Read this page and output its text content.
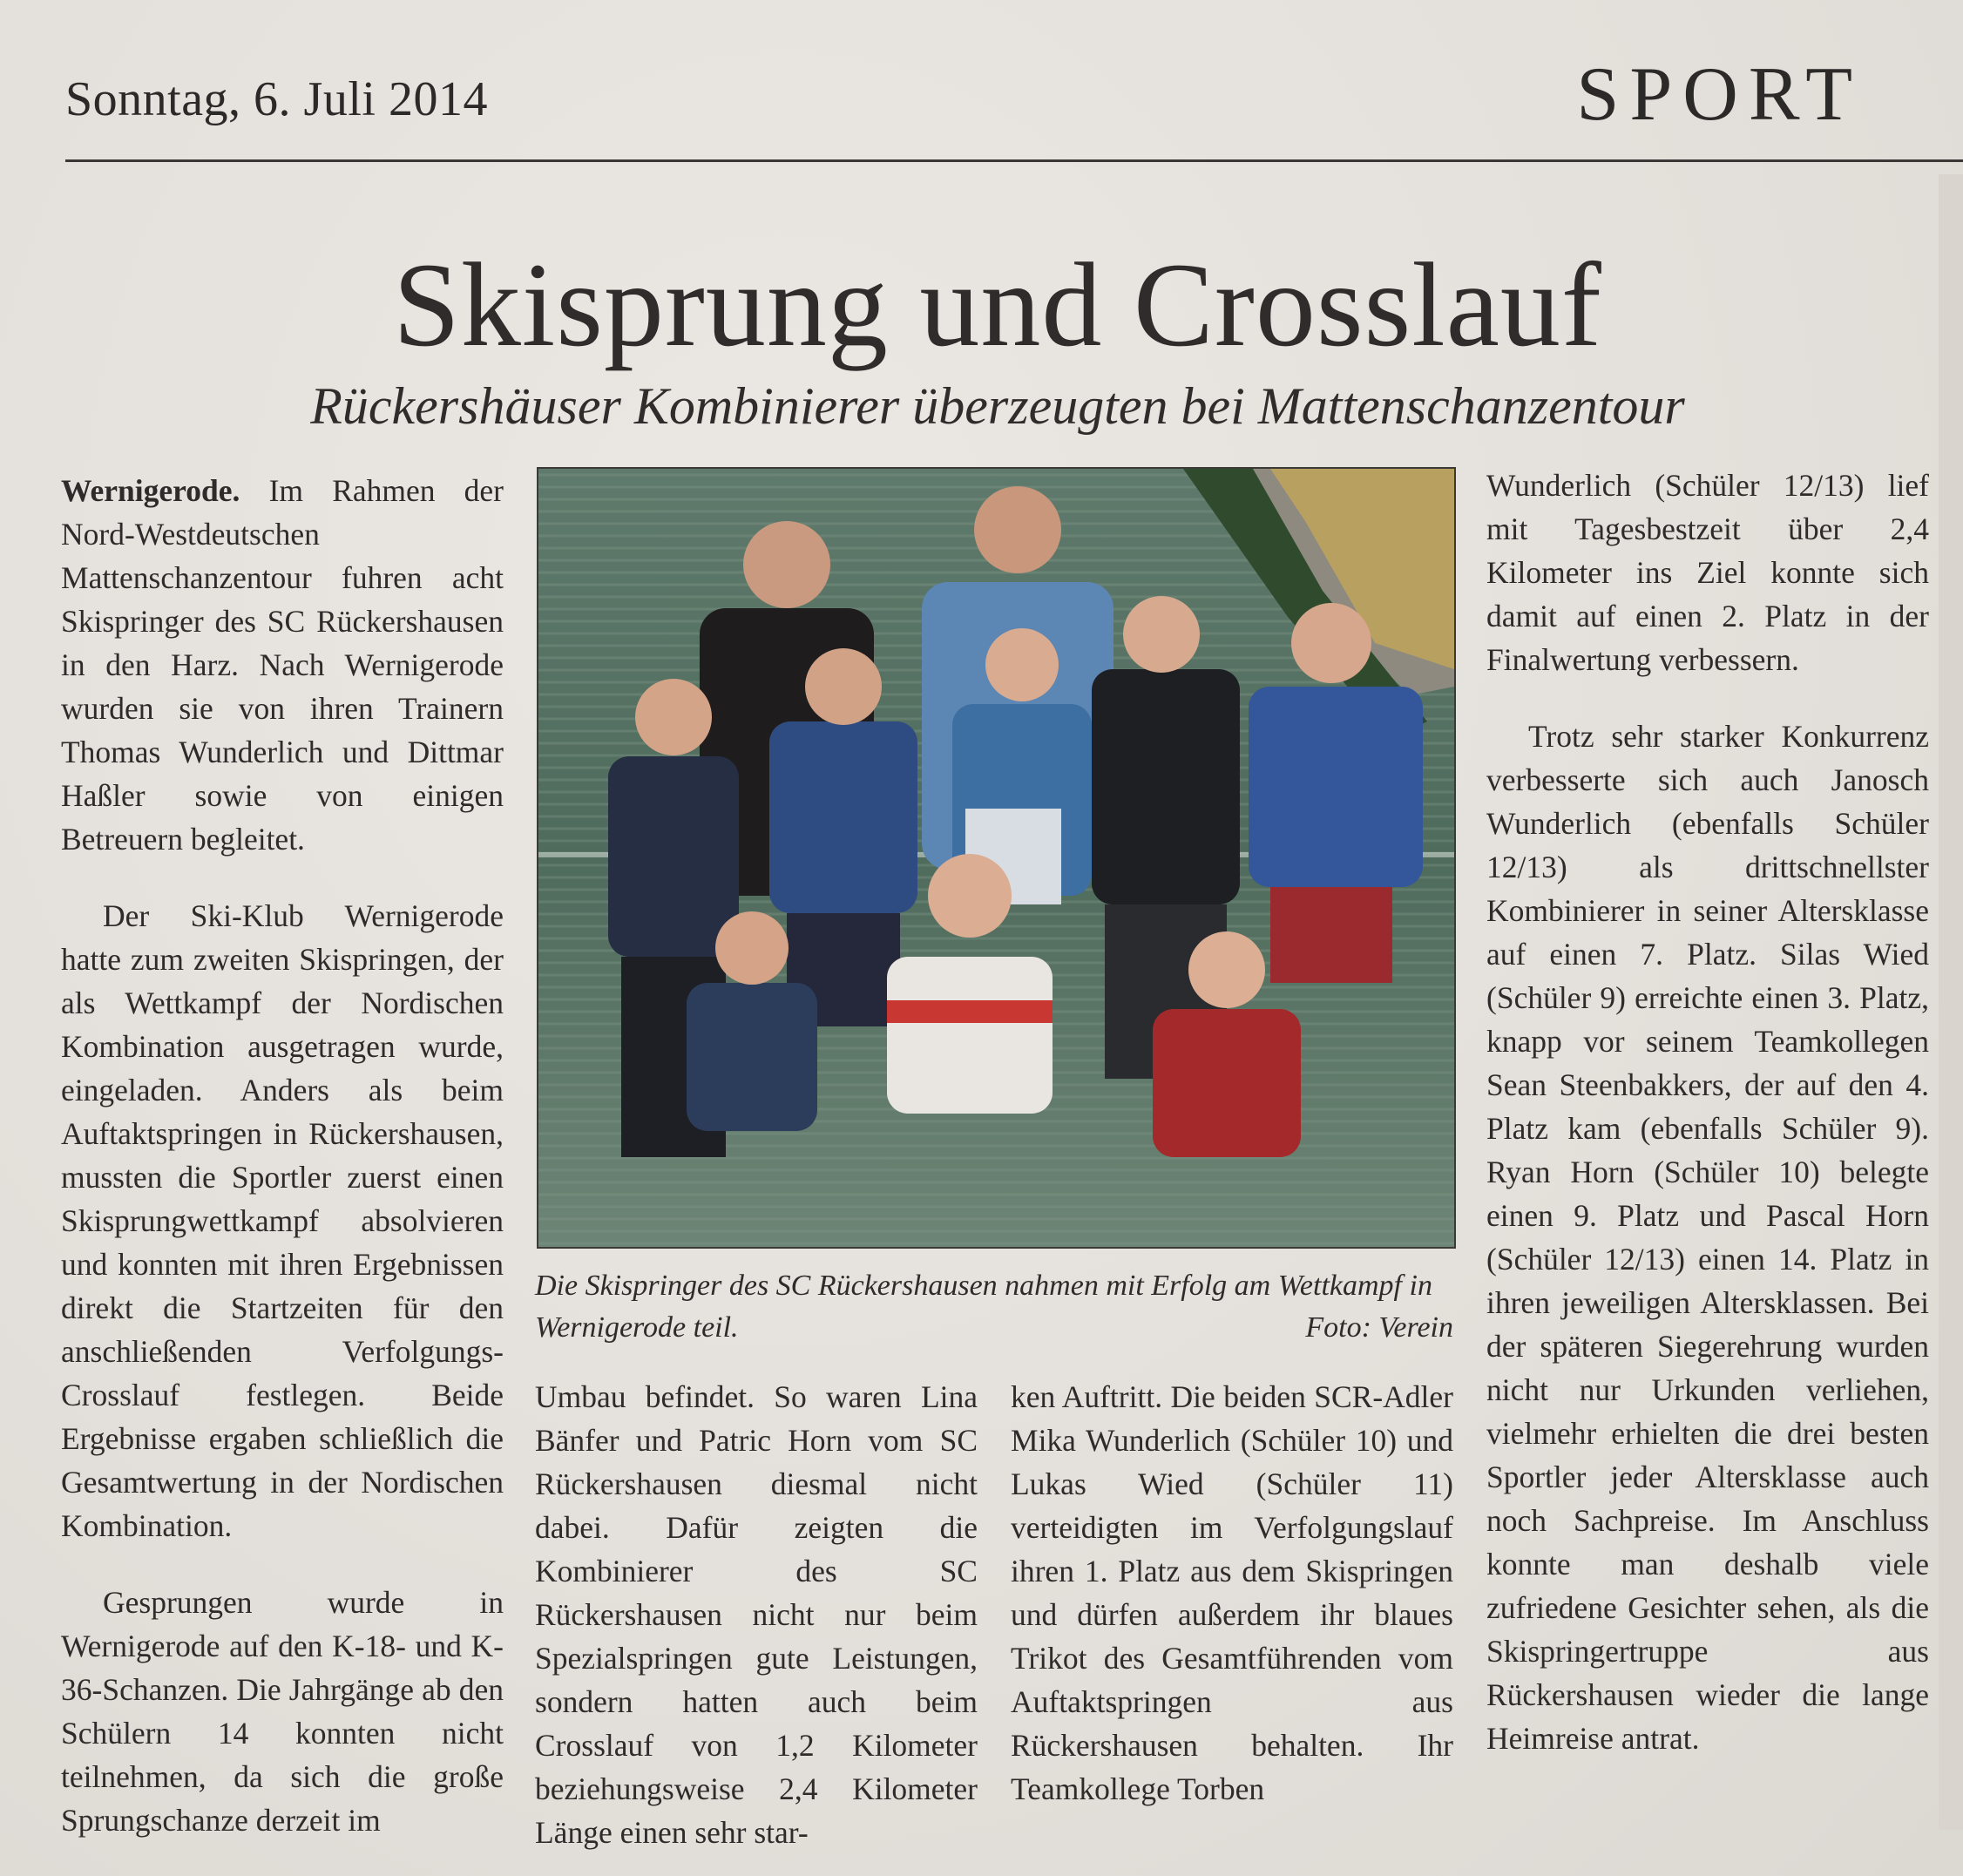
Sonntag, 6. Juli 2014	SPORT
Skisprung und Crosslauf
Rückershäuser Kombinierer überzeugten bei Mattenschanzentour

Wernigerode. Im Rahmen der Nord-Westdeutschen Mattenschanzentour fuhren acht Skispringer des SC Rückershausen in den Harz. Nach Wernigerode wurden sie von ihren Trainern Thomas Wunderlich und Dittmar Haßler sowie von einigen Betreuern begleitet.

Der Ski-Klub Wernigerode hatte zum zweiten Skispringen, der als Wettkampf der Nordischen Kombination ausgetragen wurde, eingeladen. Anders als beim Auftaktspringen in Rückershausen, mussten die Sportler zuerst einen Skisprungwettkampf absolvieren und konnten mit ihren Ergebnissen direkt die Startzeiten für den anschließenden Verfolgungs-Crosslauf festlegen. Beide Ergebnisse ergaben schließlich die Gesamtwertung in der Nordischen Kombination.

Gesprungen wurde in Wernigerode auf den K-18- und K-36-Schanzen. Die Jahrgänge ab den Schülern 14 konnten nicht teilnehmen, da sich die große Sprungschanze derzeit im

Die Skispringer des SC Rückershausen nahmen mit Erfolg am Wettkampf in Wernigerode teil.	Foto: Verein

Umbau befindet. So waren Lina Bänfer und Patric Horn vom SC Rückershausen diesmal nicht dabei. Dafür zeigten die Kombinierer des SC Rückershausen nicht nur beim Spezialspringen gute Leistungen, sondern hatten auch beim Crosslauf von 1,2 Kilometer beziehungsweise 2,4 Kilometer Länge einen sehr star-

ken Auftritt. Die beiden SCR-Adler Mika Wunderlich (Schüler 10) und Lukas Wied (Schüler 11) verteidigten im Verfolgungslauf ihren 1. Platz aus dem Skispringen und dürfen außerdem ihr blaues Trikot des Gesamtführenden vom Auftaktspringen aus Rückershausen behalten. Ihr Teamkollege Torben

Wunderlich (Schüler 12/13) lief mit Tagesbestzeit über 2,4 Kilometer ins Ziel konnte sich damit auf einen 2. Platz in der Finalwertung verbessern.

Trotz sehr starker Konkurrenz verbesserte sich auch Janosch Wunderlich (ebenfalls Schüler 12/13) als drittschnellster Kombinierer in seiner Altersklasse auf einen 7. Platz. Silas Wied (Schüler 9) erreichte einen 3. Platz, knapp vor seinem Teamkollegen Sean Steenbakkers, der auf den 4. Platz kam (ebenfalls Schüler 9). Ryan Horn (Schüler 10) belegte einen 9. Platz und Pascal Horn (Schüler 12/13) einen 14. Platz in ihren jeweiligen Altersklassen. Bei der späteren Siegerehrung wurden nicht nur Urkunden verliehen, vielmehr erhielten die drei besten Sportler jeder Altersklasse auch noch Sachpreise. Im Anschluss konnte man deshalb viele zufriedene Gesichter sehen, als die Skispringertruppe aus Rückershausen wieder die lange Heimreise antrat.
